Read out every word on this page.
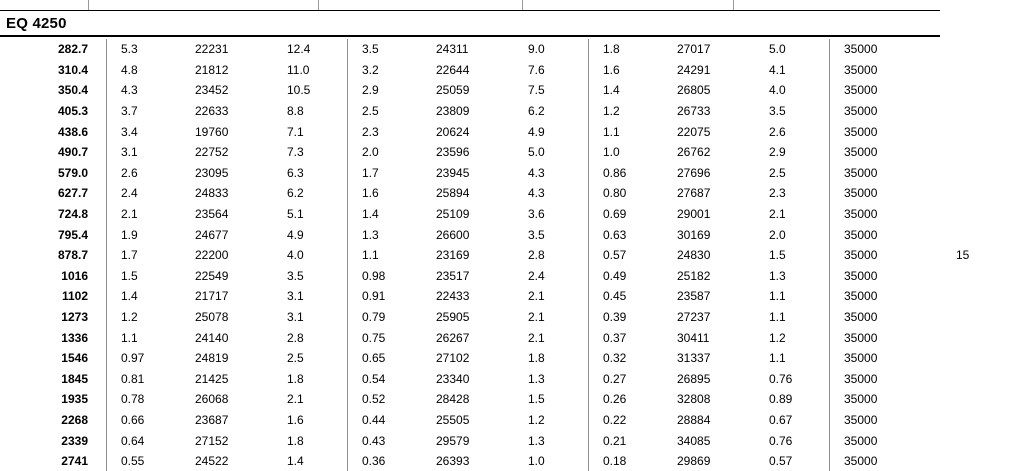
EQ 4250
282.7		5.3	22231	12.4		3.5	24311	9.0		1.8	27017	5.0		35000	
310.4		4.8	21812	11.0		3.2	22644	7.6		1.6	24291	4.1		35000	
350.4		4.3	23452	10.5		2.9	25059	7.5		1.4	26805	4.0		35000	
405.3		3.7	22633	8.8		2.5	23809	6.2		1.2	26733	3.5		35000	
438.6		3.4	19760	7.1		2.3	20624	4.9		1.1	22075	2.6		35000	
490.7		3.1	22752	7.3		2.0	23596	5.0		1.0	26762	2.9		35000	
579.0		2.6	23095	6.3		1.7	23945	4.3		0.86	27696	2.5		35000	
627.7		2.4	24833	6.2		1.6	25894	4.3		0.80	27687	2.3		35000	
724.8		2.1	23564	5.1		1.4	25109	3.6		0.69	29001	2.1		35000	
795.4		1.9	24677	4.9		1.3	26600	3.5		0.63	30169	2.0		35000	
878.7		1.7	22200	4.0		1.1	23169	2.8		0.57	24830	1.5		35000	15
1016		1.5	22549	3.5		0.98	23517	2.4		0.49	25182	1.3		35000	
1102		1.4	21717	3.1		0.91	22433	2.1		0.45	23587	1.1		35000	
1273		1.2	25078	3.1		0.79	25905	2.1		0.39	27237	1.1		35000	
1336		1.1	24140	2.8		0.75	26267	2.1		0.37	30411	1.2		35000	
1546		0.97	24819	2.5		0.65	27102	1.8		0.32	31337	1.1		35000	
1845		0.81	21425	1.8		0.54	23340	1.3		0.27	26895	0.76		35000	
1935		0.78	26068	2.1		0.52	28428	1.5		0.26	32808	0.89		35000	
2268		0.66	23687	1.6		0.44	25505	1.2		0.22	28884	0.67		35000	
2339		0.64	27152	1.8		0.43	29579	1.3		0.21	34085	0.76		35000	
2741		0.55	24522	1.4		0.36	26393	1.0		0.18	29869	0.57		35000	
